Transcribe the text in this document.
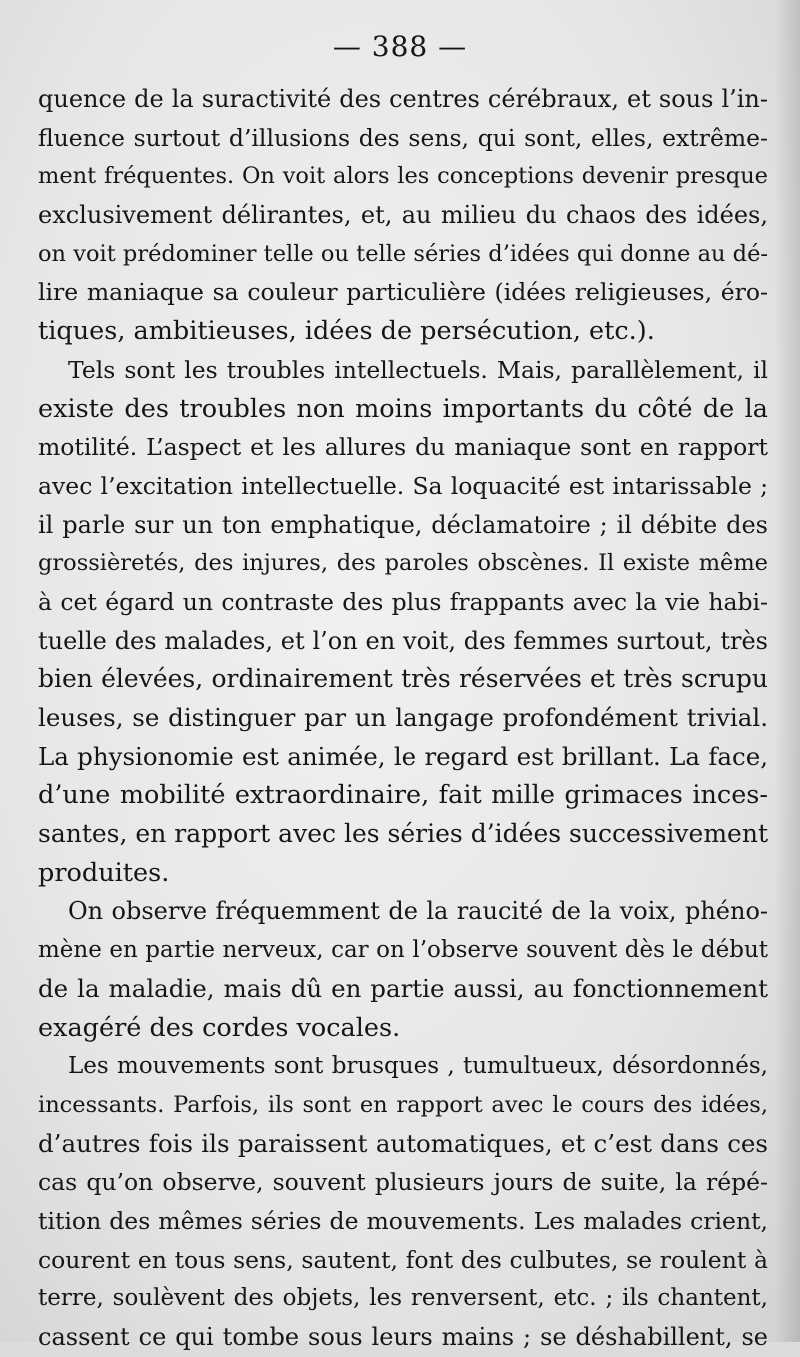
— 388 —
quence de la suractivité des centres cérébraux, et sous l’in-
fluence surtout d’illusions des sens, qui sont, elles, extrême-
ment fréquentes. On voit alors les conceptions devenir presque
exclusivement délirantes, et, au milieu du chaos des idées,
on voit prédominer telle ou telle séries d’idées qui donne au dé-
lire maniaque sa couleur particulière (idées religieuses, éro-
tiques, ambitieuses, idées de persécution, etc.).
Tels sont les troubles intellectuels. Mais, parallèlement, il
existe des troubles non moins importants du côté de la
motilité. L’aspect et les allures du maniaque sont en rapport
avec l’excitation intellectuelle. Sa loquacité est intarissable ;
il parle sur un ton emphatique, déclamatoire ; il débite des
grossièretés, des injures, des paroles obscènes. Il existe même
à cet égard un contraste des plus frappants avec la vie habi-
tuelle des malades, et l’on en voit, des femmes surtout, très
bien élevées, ordinairement très réservées et très scrupu
leuses, se distinguer par un langage profondément trivial.
La physionomie est animée, le regard est brillant. La face,
d’une mobilité extraordinaire, fait mille grimaces inces-
santes, en rapport avec les séries d’idées successivement
produites.
On observe fréquemment de la raucité de la voix, phéno-
mène en partie nerveux, car on l’observe souvent dès le début
de la maladie, mais dû en partie aussi, au fonctionnement
exagéré des cordes vocales.
Les mouvements sont brusques , tumultueux, désordonnés,
incessants. Parfois, ils sont en rapport avec le cours des idées,
d’autres fois ils paraissent automatiques, et c’est dans ces
cas qu’on observe, souvent plusieurs jours de suite, la répé-
tition des mêmes séries de mouvements. Les malades crient,
courent en tous sens, sautent, font des culbutes, se roulent à
terre, soulèvent des objets, les renversent, etc. ; ils chantent,
cassent ce qui tombe sous leurs mains ; se déshabillent, se
